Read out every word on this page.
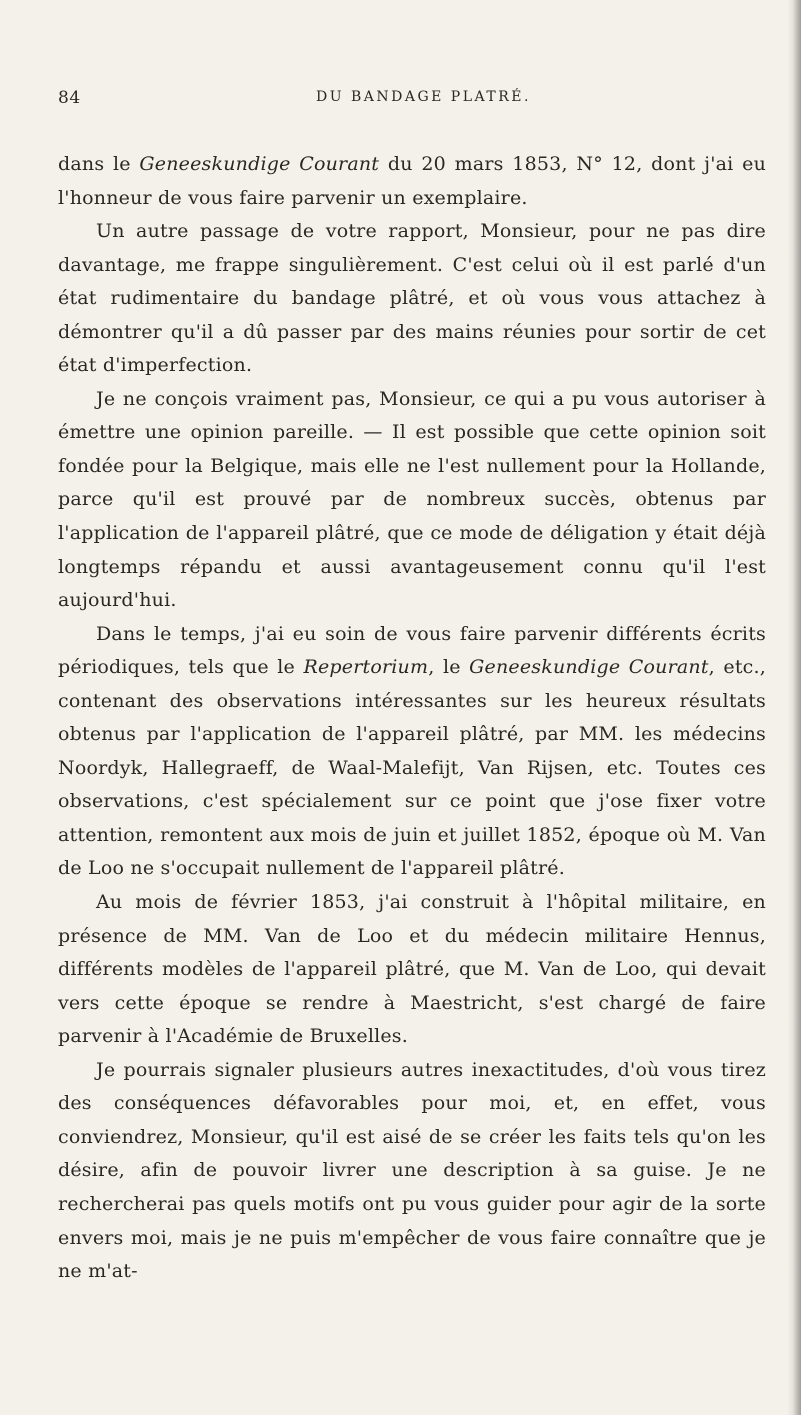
84	DU BANDAGE PLATRÉ.

dans le Geneeskundige Courant du 20 mars 1853, N° 12, dont j'ai eu l'honneur de vous faire parvenir un exemplaire.

Un autre passage de votre rapport, Monsieur, pour ne pas dire davantage, me frappe singulièrement. C'est celui où il est parlé d'un état rudimentaire du bandage plâtré, et où vous vous attachez à démontrer qu'il a dû passer par des mains réunies pour sortir de cet état d'imperfection.

Je ne conçois vraiment pas, Monsieur, ce qui a pu vous autoriser à émettre une opinion pareille. — Il est possible que cette opinion soit fondée pour la Belgique, mais elle ne l'est nullement pour la Hollande, parce qu'il est prouvé par de nombreux succès, obtenus par l'application de l'appareil plâtré, que ce mode de déligation y était déjà longtemps répandu et aussi avantageusement connu qu'il l'est aujourd'hui.

Dans le temps, j'ai eu soin de vous faire parvenir différents écrits périodiques, tels que le Repertorium, le Geneeskundige Courant, etc., contenant des observations intéressantes sur les heureux résultats obtenus par l'application de l'appareil plâtré, par MM. les médecins Noordyk, Hallegraeff, de Waal-Malefijt, Van Rijsen, etc. Toutes ces observations, c'est spécialement sur ce point que j'ose fixer votre attention, remontent aux mois de juin et juillet 1852, époque où M. Van de Loo ne s'occupait nullement de l'appareil plâtré.

Au mois de février 1853, j'ai construit à l'hôpital militaire, en présence de MM. Van de Loo et du médecin militaire Hennus, différents modèles de l'appareil plâtré, que M. Van de Loo, qui devait vers cette époque se rendre à Maestricht, s'est chargé de faire parvenir à l'Académie de Bruxelles.

Je pourrais signaler plusieurs autres inexactitudes, d'où vous tirez des conséquences défavorables pour moi, et, en effet, vous conviendrez, Monsieur, qu'il est aisé de se créer les faits tels qu'on les désire, afin de pouvoir livrer une description à sa guise. Je ne rechercherai pas quels motifs ont pu vous guider pour agir de la sorte envers moi, mais je ne puis m'empêcher de vous faire connaître que je ne m'at-
